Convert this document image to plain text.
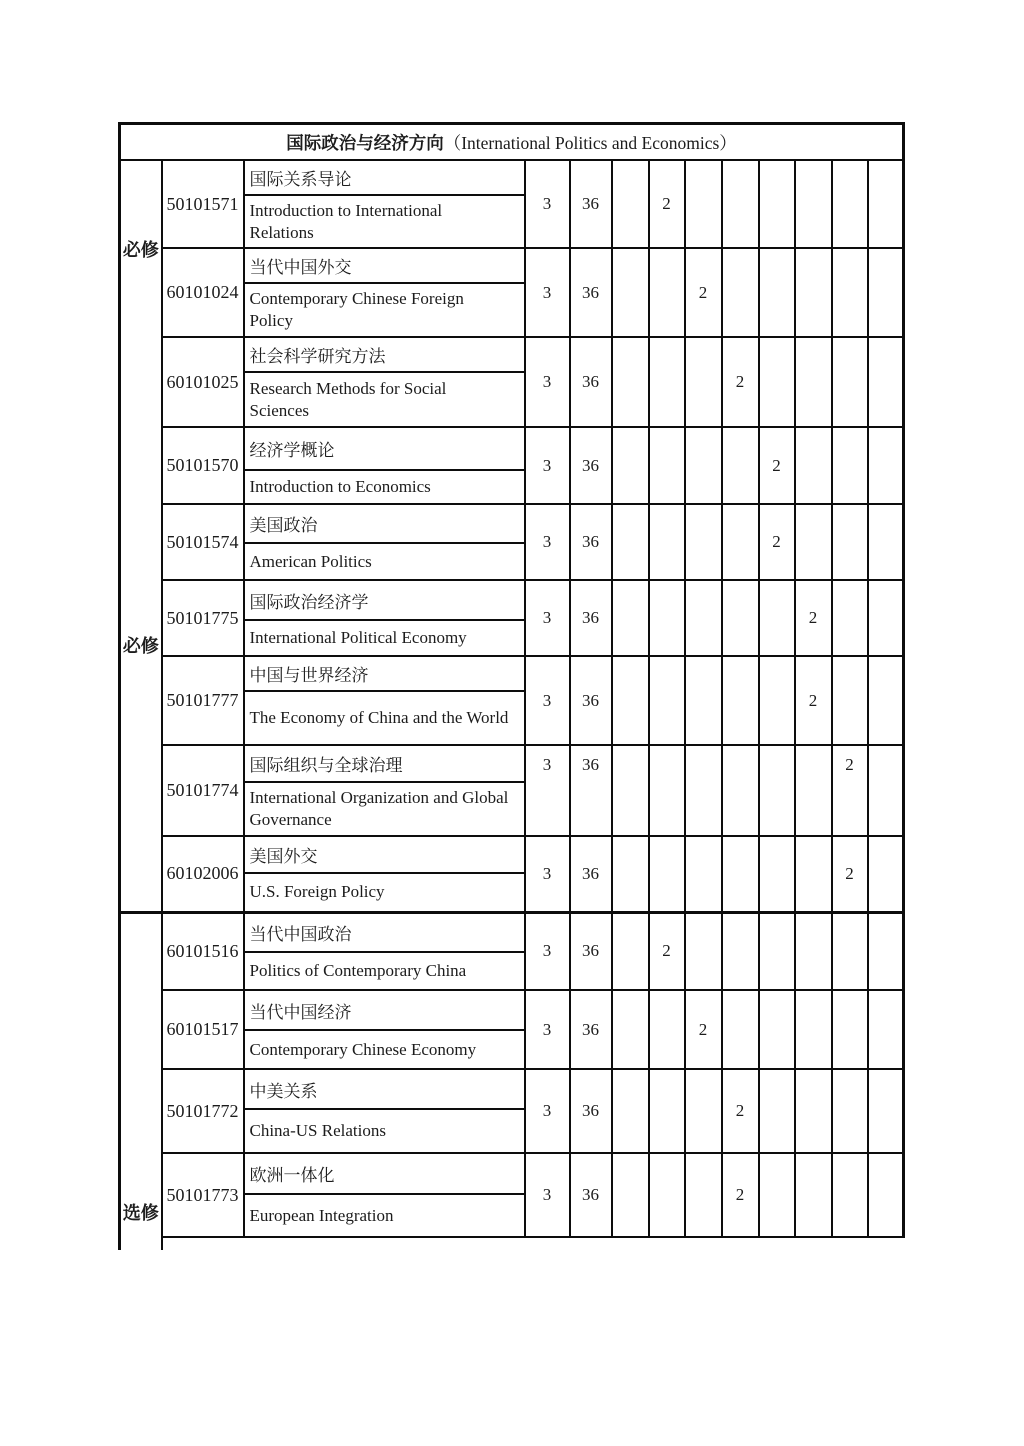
国际政治与经济方向（International Politics and Economics）												

必修
必修	50101571	国际关系导论	3	36		2						
		Introduction to International Relations										
	60101024	当代中国外交	3	36			2					
		Contemporary Chinese Foreign Policy										
	60101025	社会科学研究方法	3	36				2				
		Research Methods for Social Sciences										
	50101570	经济学概论	3	36					2			
		Introduction to Economics										
	50101574	美国政治	3	36					2			
		American Politics										
	50101775	国际政治经济学	3	36						2		
		International Political Economy										
	50101777	中国与世界经济	3	36						2		
		The Economy of China and the World										
	50101774	国际组织与全球治理	3	36							2	
		International Organization and Global Governance										
	60102006	美国外交	3	36							2	
		U.S. Foreign Policy										

选修	60101516	当代中国政治	3	36		2						
		Politics of Contemporary China										
	60101517	当代中国经济	3	36			2					
		Contemporary Chinese Economy										
	50101772	中美关系	3	36				2				
		China-US Relations										
	50101773	欧洲一体化	3	36				2				
		European Integration										
